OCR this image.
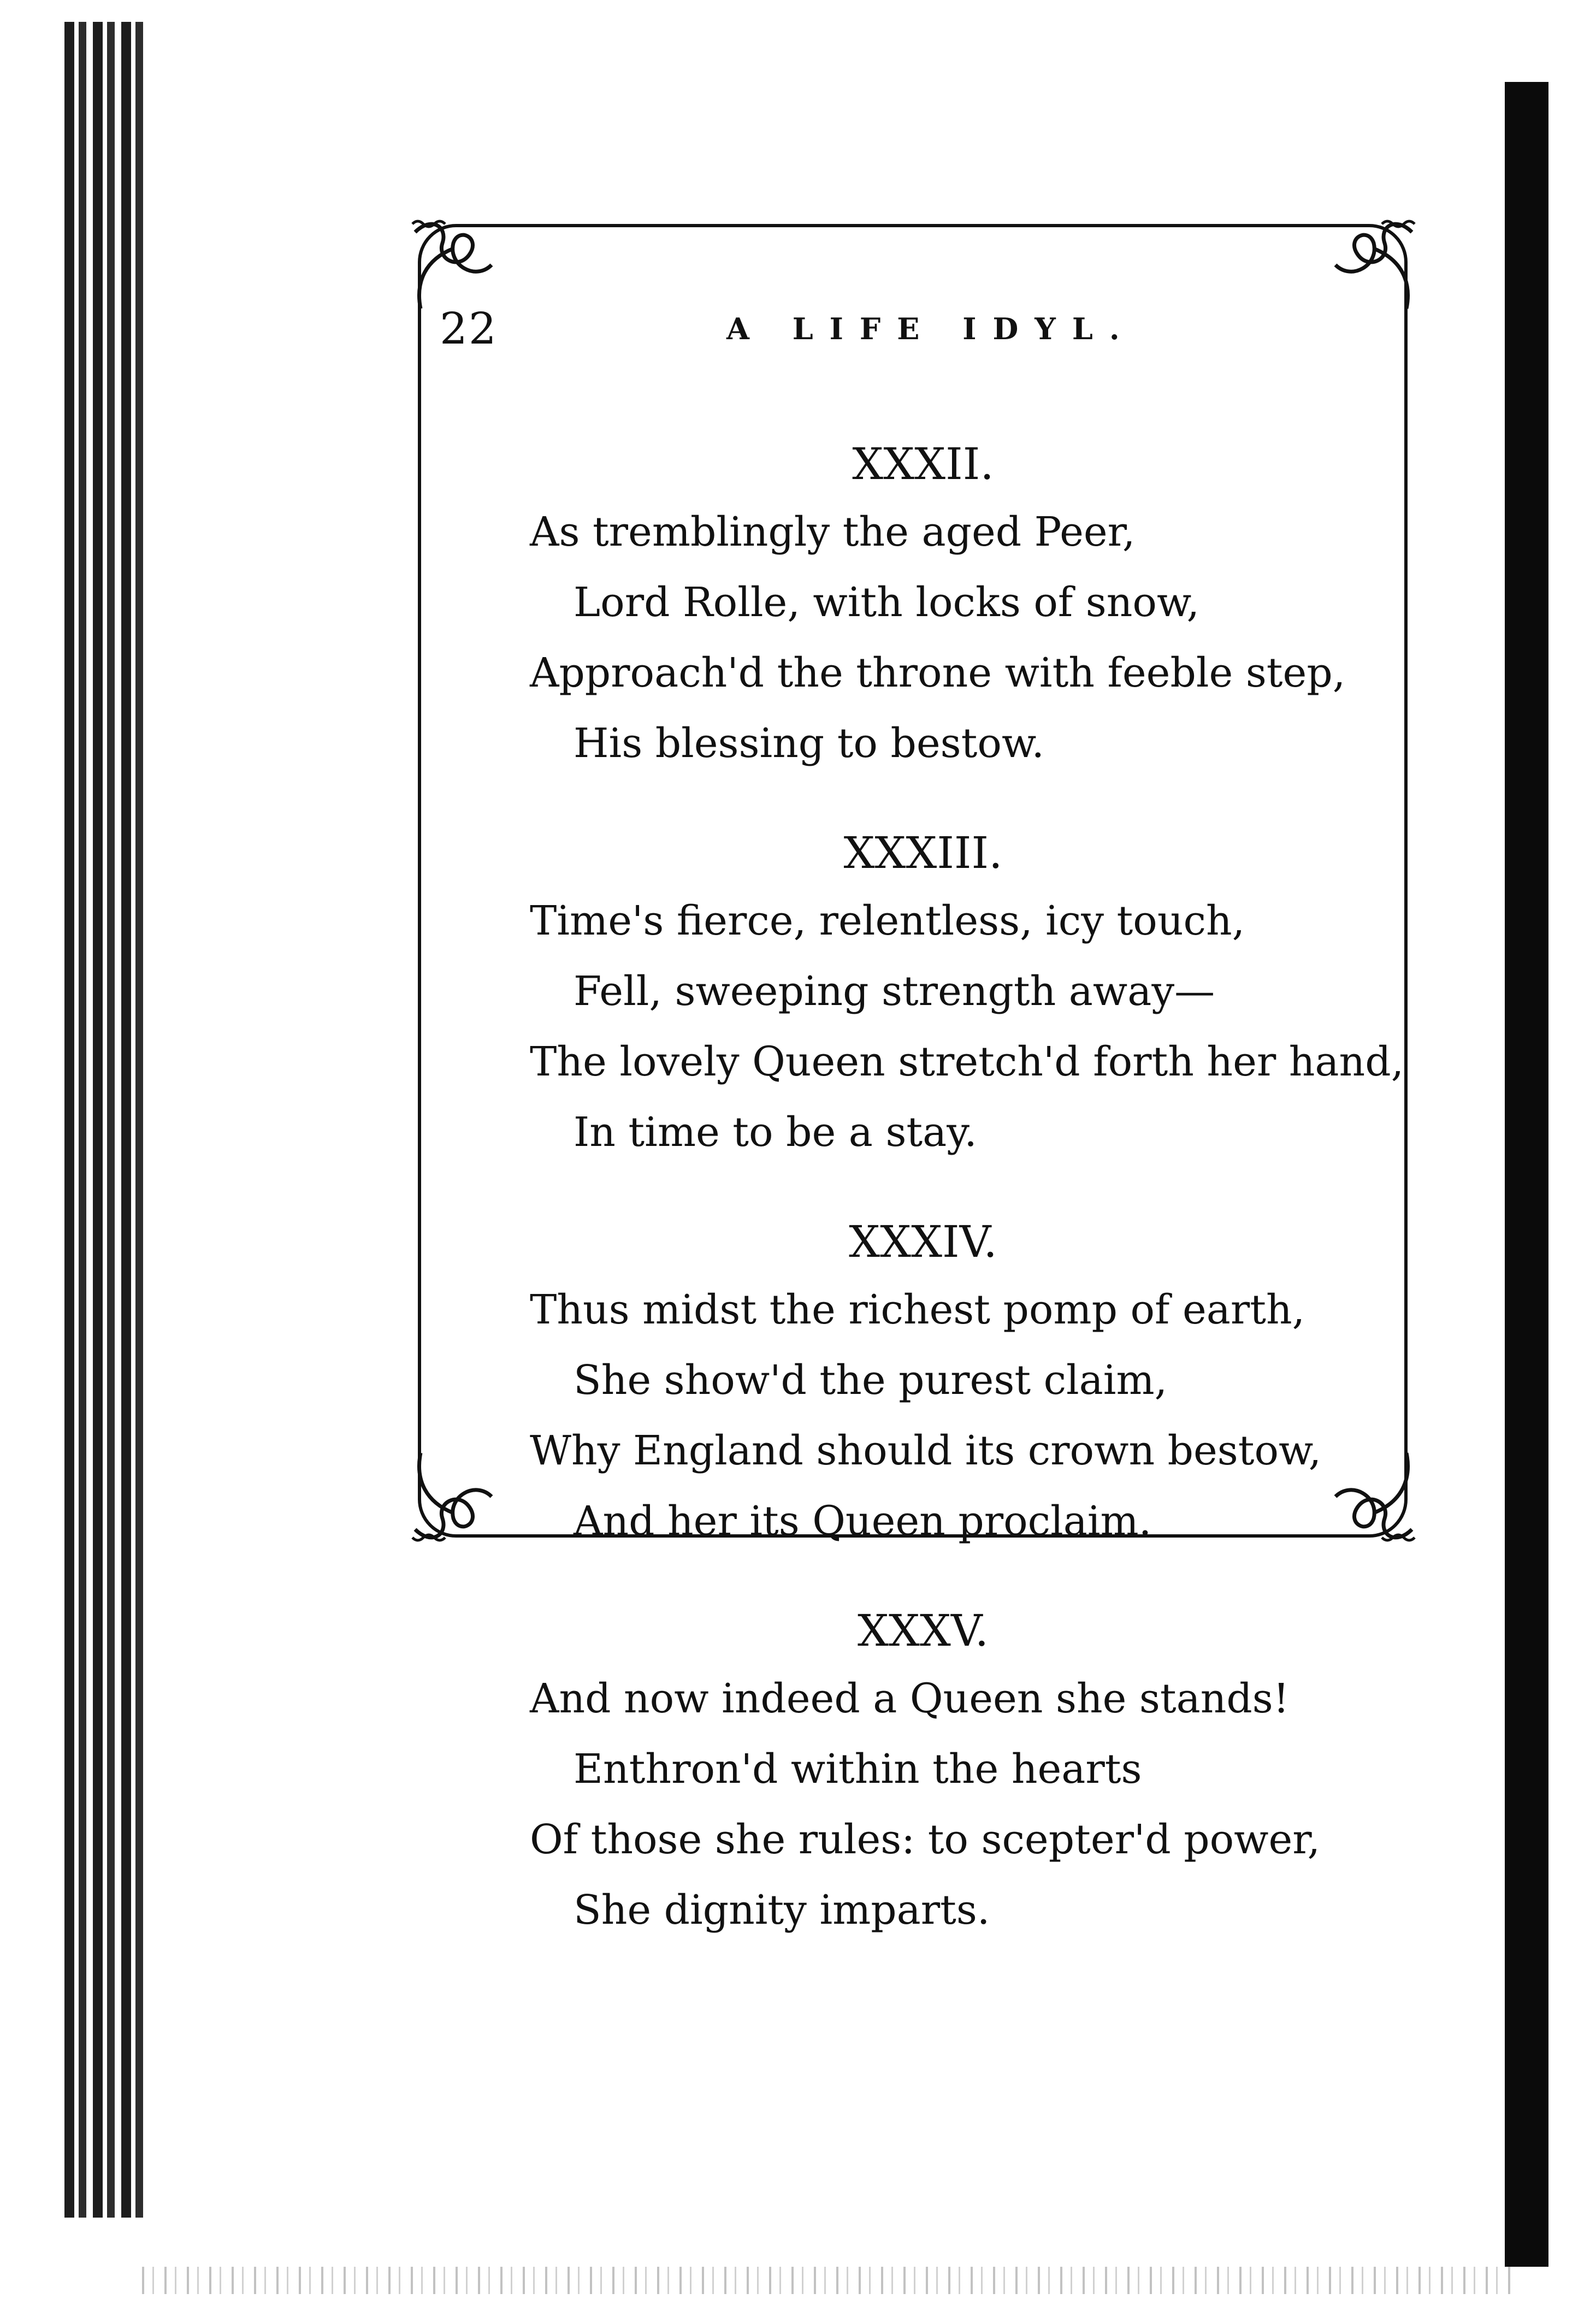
22	A LIFE IDYL.
XXXII.
As tremblingly the aged Peer,
Lord Rolle, with locks of snow,
Approach'd the throne with feeble step,
His blessing to bestow.
XXXIII.
Time's fierce, relentless, icy touch,
Fell, sweeping strength away—
The lovely Queen stretch'd forth her hand,
In time to be a stay.
XXXIV.
Thus midst the richest pomp of earth,
She show'd the purest claim,
Why England should its crown bestow,
And her its Queen proclaim.
XXXV.
And now indeed a Queen she stands!
Enthron'd within the hearts
Of those she rules: to scepter'd power,
She dignity imparts.
